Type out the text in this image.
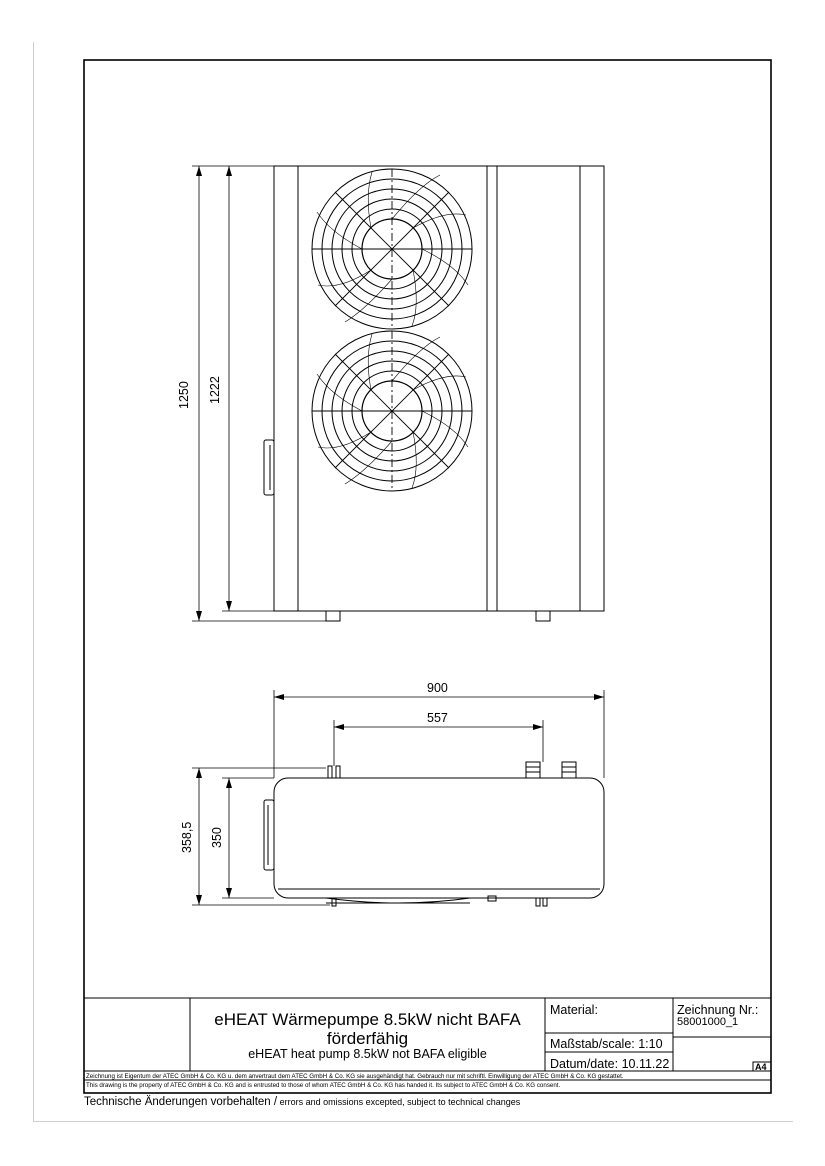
1250 1222
900
557
358,5 350
eHEAT Wärmepumpe 8.5kW nicht BAFA förderfähig
eHEAT heat pump 8.5kW not BAFA eligible
Material:	Zeichnung Nr.:
58001000_1
Maßstab/scale: 1:10
Datum/date: 10.11.22	A4
Zeichnung ist Eigentum der ATEC GmbH & Co. KG u. dem anvertraut dem ATEC GmbH & Co. KG sie ausgehändigt hat. Gebrauch nur mit schriftl. Einwilligung der ATEC GmbH & Co. KG gestattet.
This drawing is the property of ATEC GmbH & Co. KG and is entrusted to those of whom ATEC GmbH & Co. KG has handed it. Its subject to ATEC GmbH & Co. KG consent.
Technische Änderungen vorbehalten / errors and omissions excepted, subject to technical changes
